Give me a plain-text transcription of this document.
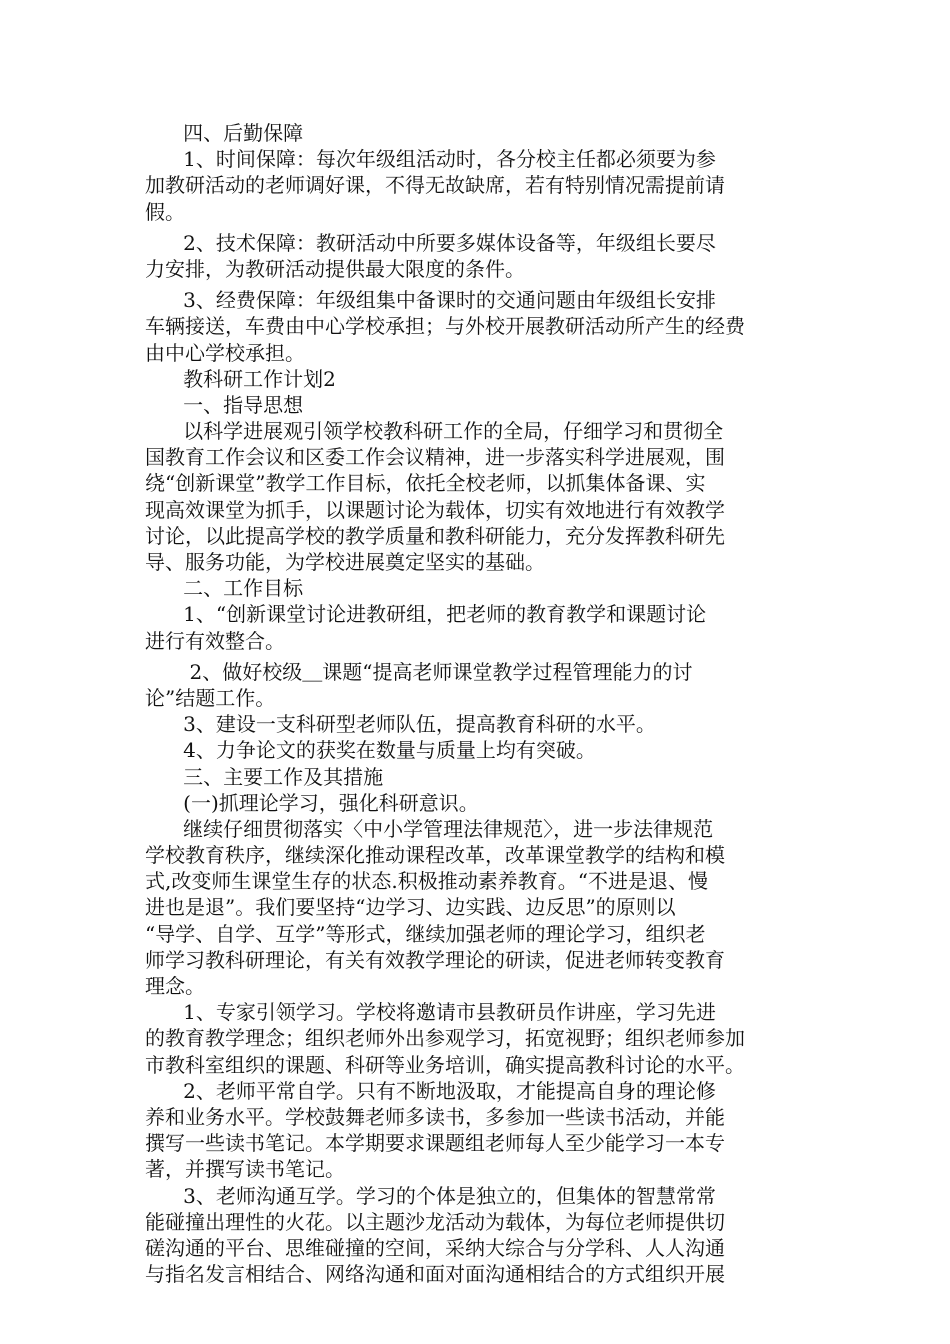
四、后勤保障
1、时间保障：每次年级组活动时，各分校主任都必须要为参
加教研活动的老师调好课，不得无故缺席，若有特别情况需提前请
假。
2、技术保障：教研活动中所要多媒体设备等，年级组长要尽
力安排，为教研活动提供最大限度的条件。
3、经费保障：年级组集中备课时的交通问题由年级组长安排
车辆接送，车费由中心学校承担；与外校开展教研活动所产生的经费
由中心学校承担。
教科研工作计划2
一、指导思想
以科学进展观引领学校教科研工作的全局，仔细学习和贯彻全
国教育工作会议和区委工作会议精神，进一步落实科学进展观，围
绕“创新课堂”教学工作目标，依托全校老师，以抓集体备课、实
现高效课堂为抓手，以课题讨论为载体，切实有效地进行有效教学
讨论，以此提高学校的教学质量和教科研能力，充分发挥教科研先
导、服务功能，为学校进展奠定坚实的基础。
二、工作目标
1、“创新课堂讨论进教研组，把老师的教育教学和课题讨论
进行有效整合。
2、做好校级＿课题“提高老师课堂教学过程管理能力的讨
论”结题工作。
3、建设一支科研型老师队伍，提高教育科研的水平。
4、力争论文的获奖在数量与质量上均有突破。
三、主要工作及其措施
(一)抓理论学习，强化科研意识。
继续仔细贯彻落实〈中小学管理法律规范〉，进一步法律规范
学校教育秩序，继续深化推动课程改革，改革课堂教学的结构和模
式,改变师生课堂生存的状态.积极推动素养教育。“不进是退、慢
进也是退”。我们要坚持“边学习、边实践、边反思”的原则以
“导学、自学、互学”等形式，继续加强老师的理论学习，组织老
师学习教科研理论，有关有效教学理论的研读，促进老师转变教育
理念。
1、专家引领学习。学校将邀请市县教研员作讲座，学习先进
的教育教学理念；组织老师外出参观学习，拓宽视野；组织老师参加
市教科室组织的课题、科研等业务培训，确实提高教科讨论的水平。
2、老师平常自学。只有不断地汲取，才能提高自身的理论修
养和业务水平。学校鼓舞老师多读书，多参加一些读书活动，并能
撰写一些读书笔记。本学期要求课题组老师每人至少能学习一本专
著，并撰写读书笔记。
3、老师沟通互学。学习的个体是独立的，但集体的智慧常常
能碰撞出理性的火花。以主题沙龙活动为载体，为每位老师提供切
磋沟通的平台、思维碰撞的空间，采纳大综合与分学科、人人沟通
与指名发言相结合、网络沟通和面对面沟通相结合的方式组织开展
